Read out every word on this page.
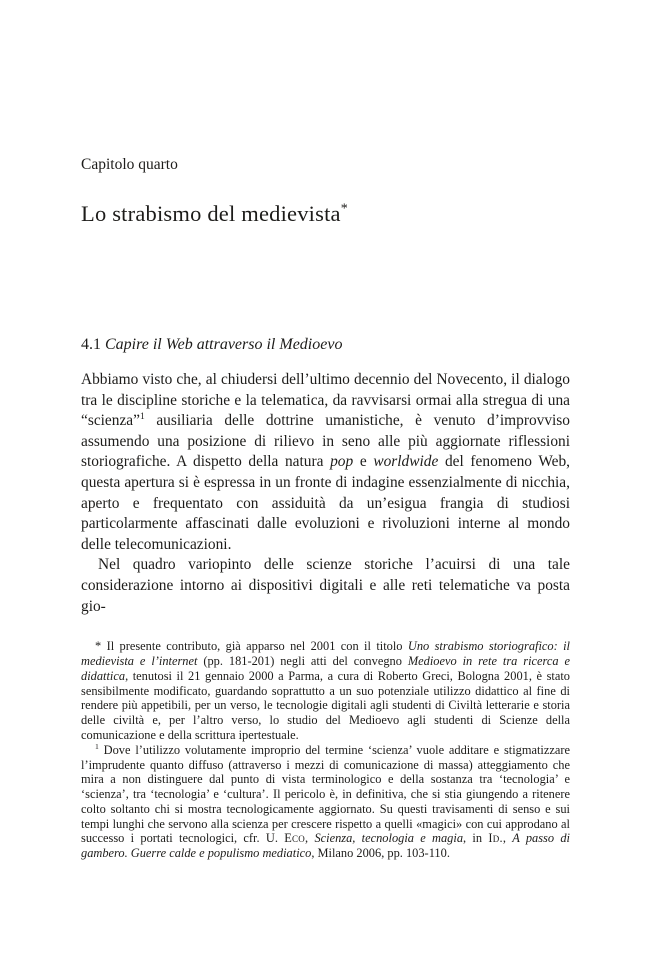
Capitolo quarto

Lo strabismo del medievista*
4.1 Capire il Web attraverso il Medioevo

Abbiamo visto che, al chiudersi dell’ultimo decennio del Novecento, il dialogo tra le discipline storiche e la telematica, da ravvisarsi ormai alla stregua di una “scienza”$^1$ ausiliaria delle dottrine umanistiche, è venuto d’improvviso assumendo una posizione di rilievo in seno alle più aggiornate riflessioni storiografiche. A dispetto della natura pop e worldwide del fenomeno Web, questa apertura si è espressa in un fronte di indagine essenzialmente di nicchia, aperto e frequentato con assiduità da un’esigua frangia di studiosi particolarmente affascinati dalle evoluzioni e rivoluzioni interne al mondo delle telecomunicazioni.

Nel quadro variopinto delle scienze storiche l’acuirsi di una tale considerazione intorno ai dispositivi digitali e alle reti telematiche va posta gio-

* Il presente contributo, già apparso nel 2001 con il titolo Uno strabismo storiografico: il medievista e l’internet (pp. 181-201) negli atti del convegno Medioevo in rete tra ricerca e didattica, tenutosi il 21 gennaio 2000 a Parma, a cura di Roberto Greci, Bologna 2001, è stato sensibilmente modificato, guardando soprattutto a un suo potenziale utilizzo didattico al fine di rendere più appetibili, per un verso, le tecnologie digitali agli studenti di Civiltà letterarie e storia delle civiltà e, per l’altro verso, lo studio del Medioevo agli studenti di Scienze della comunicazione e della scrittura ipertestuale.

$^1$ Dove l’utilizzo volutamente improprio del termine ‘scienza’ vuole additare e stigmatizzare l’imprudente quanto diffuso (attraverso i mezzi di comunicazione di massa) atteggiamento che mira a non distinguere dal punto di vista terminologico e della sostanza tra ‘tecnologia’ e ‘scienza’, tra ‘tecnologia’ e ‘cultura’. Il pericolo è, in definitiva, che si stia giungendo a ritenere colto soltanto chi si mostra tecnologicamente aggiornato. Su questi travisamenti di senso e sui tempi lunghi che servono alla scienza per crescere rispetto a quelli «magici» con cui approdano al successo i portati tecnologici, cfr. U. Eco, Scienza, tecnologia e magia, in Id., A passo di gambero. Guerre calde e populismo mediatico, Milano 2006, pp. 103-110.
